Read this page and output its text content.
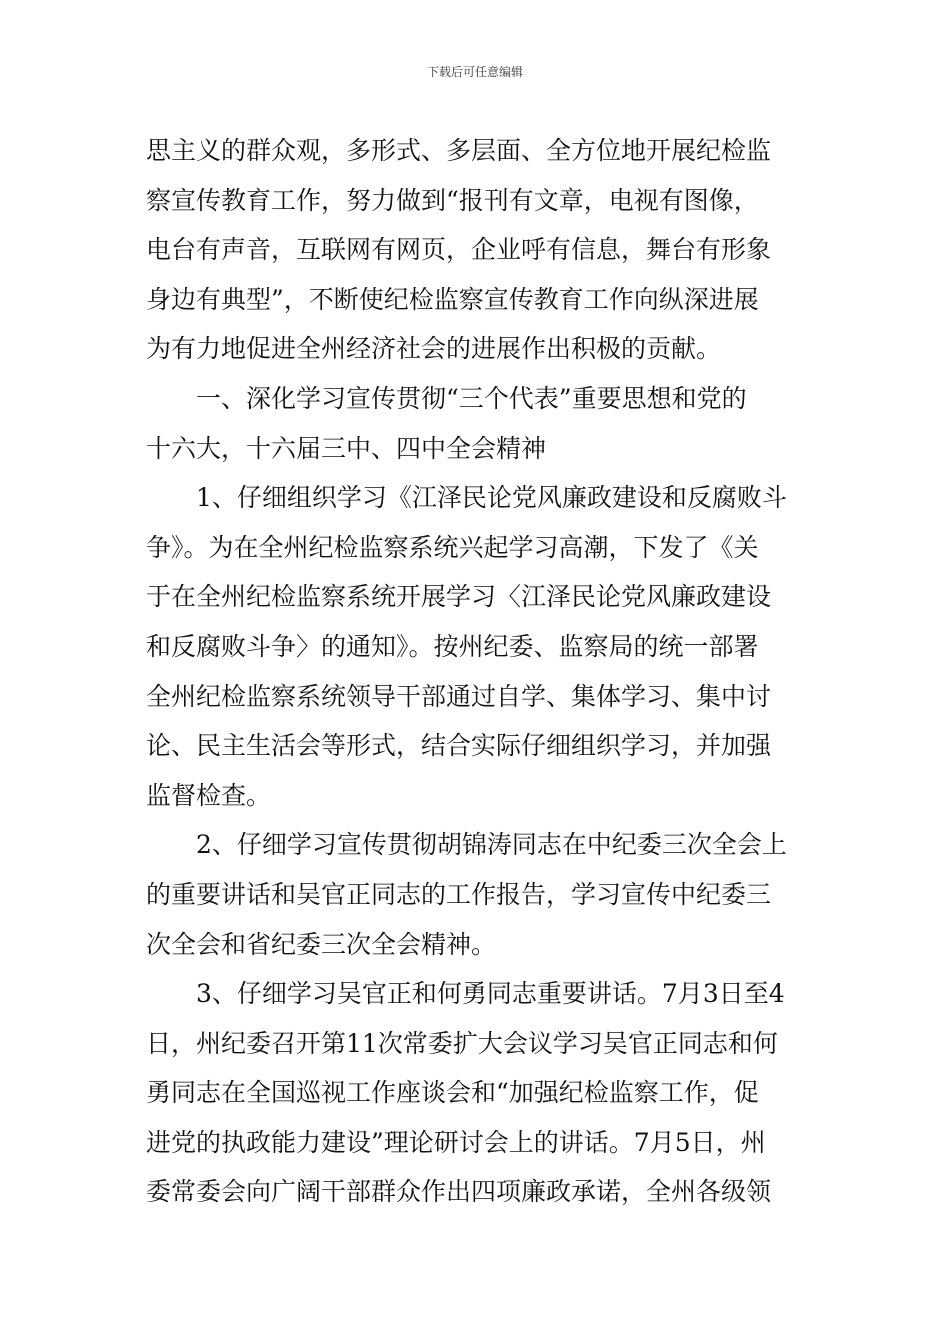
下载后可任意编辑
思主义的群众观，多形式、多层面、全方位地开展纪检监
察宣传教育工作，努力做到“报刊有文章，电视有图像，
电台有声音，互联网有网页，企业呼有信息，舞台有形象
身边有典型”，不断使纪检监察宣传教育工作向纵深进展
为有力地促进全州经济社会的进展作出积极的贡献。
一、深化学习宣传贯彻“三个代表”重要思想和党的
十六大，十六届三中、四中全会精神
1、仔细组织学习《江泽民论党风廉政建设和反腐败斗
争》。为在全州纪检监察系统兴起学习高潮，下发了《关
于在全州纪检监察系统开展学习〈江泽民论党风廉政建设
和反腐败斗争〉的通知》。按州纪委、监察局的统一部署
全州纪检监察系统领导干部通过自学、集体学习、集中讨
论、民主生活会等形式，结合实际仔细组织学习，并加强
监督检查。
2、仔细学习宣传贯彻胡锦涛同志在中纪委三次全会上
的重要讲话和吴官正同志的工作报告，学习宣传中纪委三
次全会和省纪委三次全会精神。
3、仔细学习吴官正和何勇同志重要讲话。7月3日至4
日，州纪委召开第11次常委扩大会议学习吴官正同志和何
勇同志在全国巡视工作座谈会和“加强纪检监察工作，促
进党的执政能力建设”理论研讨会上的讲话。7月5日，州
委常委会向广阔干部群众作出四项廉政承诺，全州各级领
